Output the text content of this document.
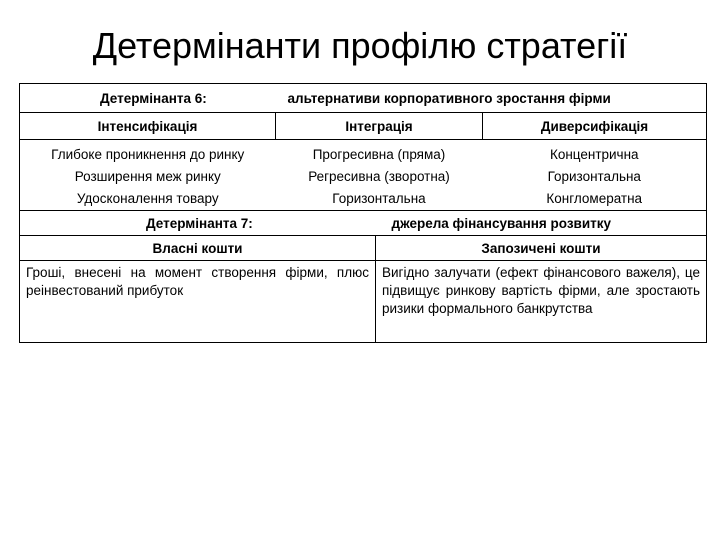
Детермінанти профілю стратегії
Детермінанта 6:	альтернативи корпоративного зростання фірми		
Інтенсифікація	Інтеграція		Диверсифікація
Глибоке проникнення до ринку	Прогресивна (пряма)		Концентрична
Розширення меж ринку	Регресивна (зворотна)		Горизонтальна
Удосконалення товару	Горизонтальна		Конгломератна
Детермінанта 7:		джерела фінансування розвитку	
Власні кошти		Запозичені кошти	
Гроші, внесені на момент створення фірми, плюс реінвестований прибуток		Вигідно залучати (ефект фінансового важеля), це підвищує ринкову вартість фірми, але зростають ризики формального банкрутства	
